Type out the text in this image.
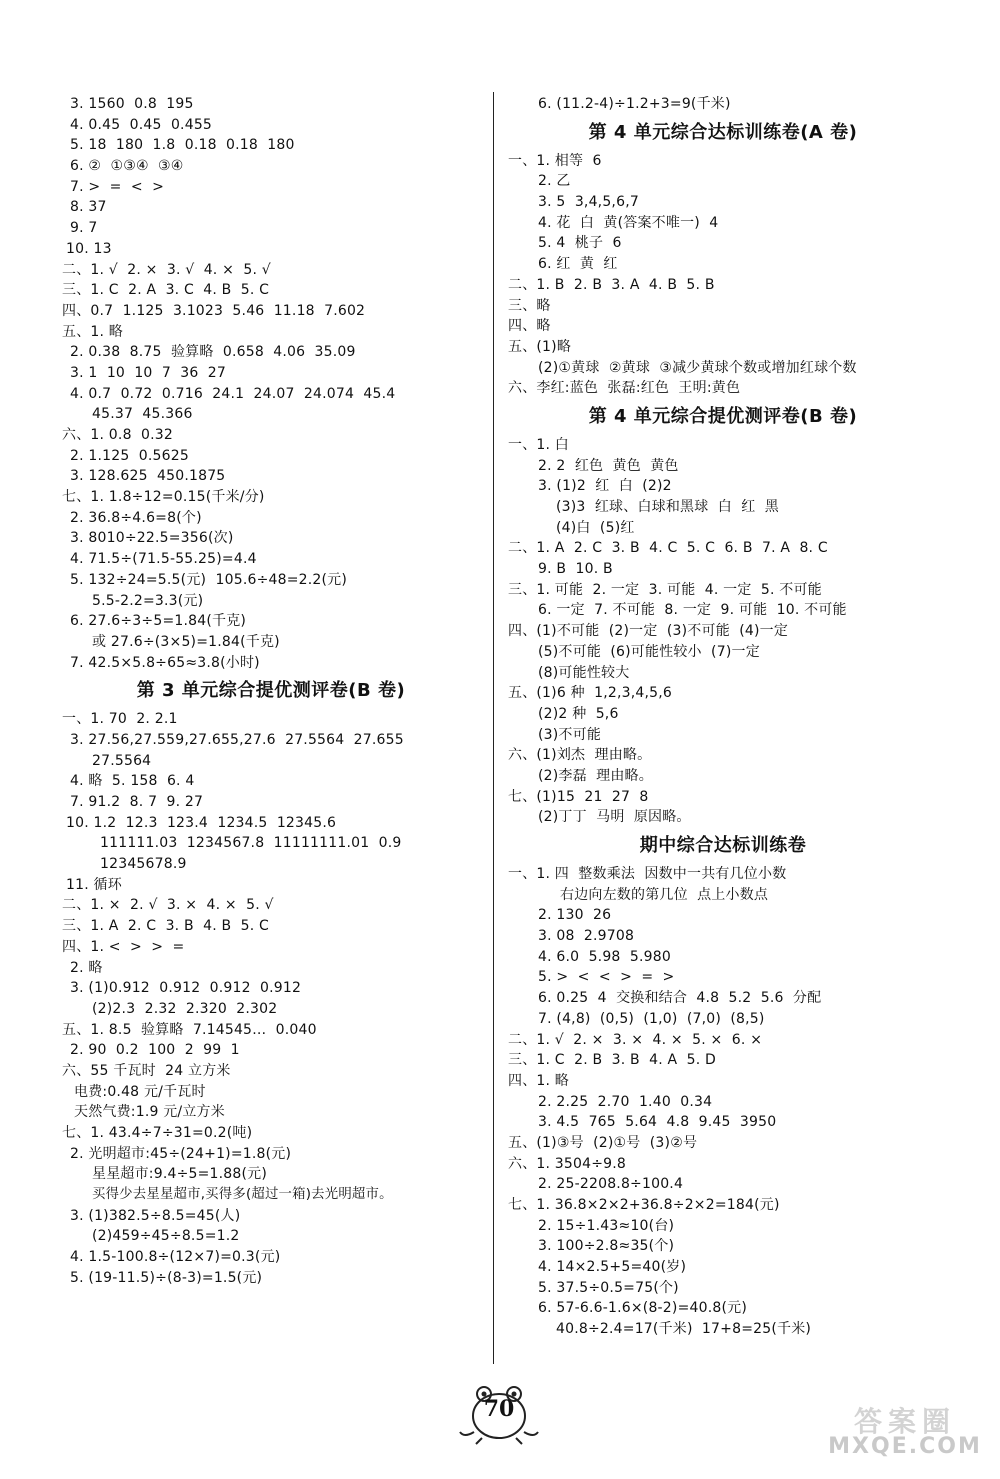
3. 1560  0.8  195
4. 0.45  0.45  0.455
5. 18  180  1.8  0.18  0.18  180
6. ②  ①③④  ③④
7. >  =  <  >
8. 37
9. 7
10. 13
二、1. √  2. ×  3. √  4. ×  5. √
三、1. C  2. A  3. C  4. B  5. C
四、0.7  1.125  3.1023  5.46  11.18  7.602
五、1. 略
2. 0.38  8.75  验算略  0.658  4.06  35.09
3. 1  10  10  7  36  27
4. 0.7  0.72  0.716  24.1  24.07  24.074  45.4
45.37  45.366
六、1. 0.8  0.32
2. 1.125  0.5625
3. 128.625  450.1875
七、1. 1.8÷12=0.15(千米/分)
2. 36.8÷4.6=8(个)
3. 8010÷22.5=356(次)
4. 71.5÷(71.5-55.25)=4.4
5. 132÷24=5.5(元)  105.6÷48=2.2(元)
5.5-2.2=3.3(元)
6. 27.6÷3÷5=1.84(千克)
或 27.6÷(3×5)=1.84(千克)
7. 42.5×5.8÷65≈3.8(小时)
第 3 单元综合提优测评卷(B 卷)
一、1. 70  2. 2.1
3. 27.56,27.559,27.655,27.6  27.5564  27.655
27.5564
4. 略  5. 158  6. 4
7. 91.2  8. 7  9. 27
10. 1.2  12.3  123.4  1234.5  12345.6
111111.03  1234567.8  11111111.01  0.9
12345678.9
11. 循环
二、1. ×  2. √  3. ×  4. ×  5. √
三、1. A  2. C  3. B  4. B  5. C
四、1. <  >  >  =
2. 略
3. (1)0.912  0.912  0.912  0.912
(2)2.3  2.32  2.320  2.302
五、1. 8.5  验算略  7.14545…  0.040
2. 90  0.2  100  2  99  1
六、55 千瓦时  24 立方米
电费:0.48 元/千瓦时
天然气费:1.9 元/立方米
七、1. 43.4÷7÷31=0.2(吨)
2. 光明超市:45÷(24+1)=1.8(元)
星星超市:9.4÷5=1.88(元)
买得少去星星超市,买得多(超过一箱)去光明超市。
3. (1)382.5÷8.5=45(人)
(2)459÷45÷8.5=1.2
4. 1.5-100.8÷(12×7)=0.3(元)
5. (19-11.5)÷(8-3)=1.5(元)
6. (11.2-4)÷1.2+3=9(千米)
第 4 单元综合达标训练卷(A 卷)
一、1. 相等  6
2. 乙
3. 5  3,4,5,6,7
4. 花  白  黄(答案不唯一)  4
5. 4  桃子  6
6. 红  黄  红
二、1. B  2. B  3. A  4. B  5. B
三、略
四、略
五、(1)略
(2)①黄球  ②黄球  ③减少黄球个数或增加红球个数
六、李红:蓝色  张磊:红色  王明:黄色
第 4 单元综合提优测评卷(B 卷)
一、1. 白
2. 2  红色  黄色  黄色
3. (1)2  红  白  (2)2
(3)3  红球、白球和黑球  白  红  黑
(4)白  (5)红
二、1. A  2. C  3. B  4. C  5. C  6. B  7. A  8. C
9. B  10. B
三、1. 可能  2. 一定  3. 可能  4. 一定  5. 不可能
6. 一定  7. 不可能  8. 一定  9. 可能  10. 不可能
四、(1)不可能  (2)一定  (3)不可能  (4)一定
(5)不可能  (6)可能性较小  (7)一定
(8)可能性较大
五、(1)6 种  1,2,3,4,5,6
(2)2 种  5,6
(3)不可能
六、(1)刘杰  理由略。
(2)李磊  理由略。
七、(1)15  21  27  8
(2)丁丁  马明  原因略。
期中综合达标训练卷
一、1. 四  整数乘法  因数中一共有几位小数
右边向左数的第几位  点上小数点
2. 130  26
3. 08  2.9708
4. 6.0  5.98  5.980
5. >  <  <  >  =  >
6. 0.25  4  交换和结合  4.8  5.2  5.6  分配
7. (4,8)  (0,5)  (1,0)  (7,0)  (8,5)
二、1. √  2. ×  3. ×  4. ×  5. ×  6. ×
三、1. C  2. B  3. B  4. A  5. D
四、1. 略
2. 2.25  2.70  1.40  0.34
3. 4.5  765  5.64  4.8  9.45  3950
五、(1)③号  (2)①号  (3)②号
六、1. 3504÷9.8
2. 25-2208.8÷100.4
七、1. 36.8×2×2+36.8÷2×2=184(元)
2. 15÷1.43≈10(台)
3. 100÷2.8≈35(个)
4. 14×2.5+5=40(岁)
5. 37.5÷0.5=75(个)
6. 57-6.6-1.6×(8-2)=40.8(元)
40.8÷2.4=17(千米)  17+8=25(千米)
70	答案圈
MXQE.COM
